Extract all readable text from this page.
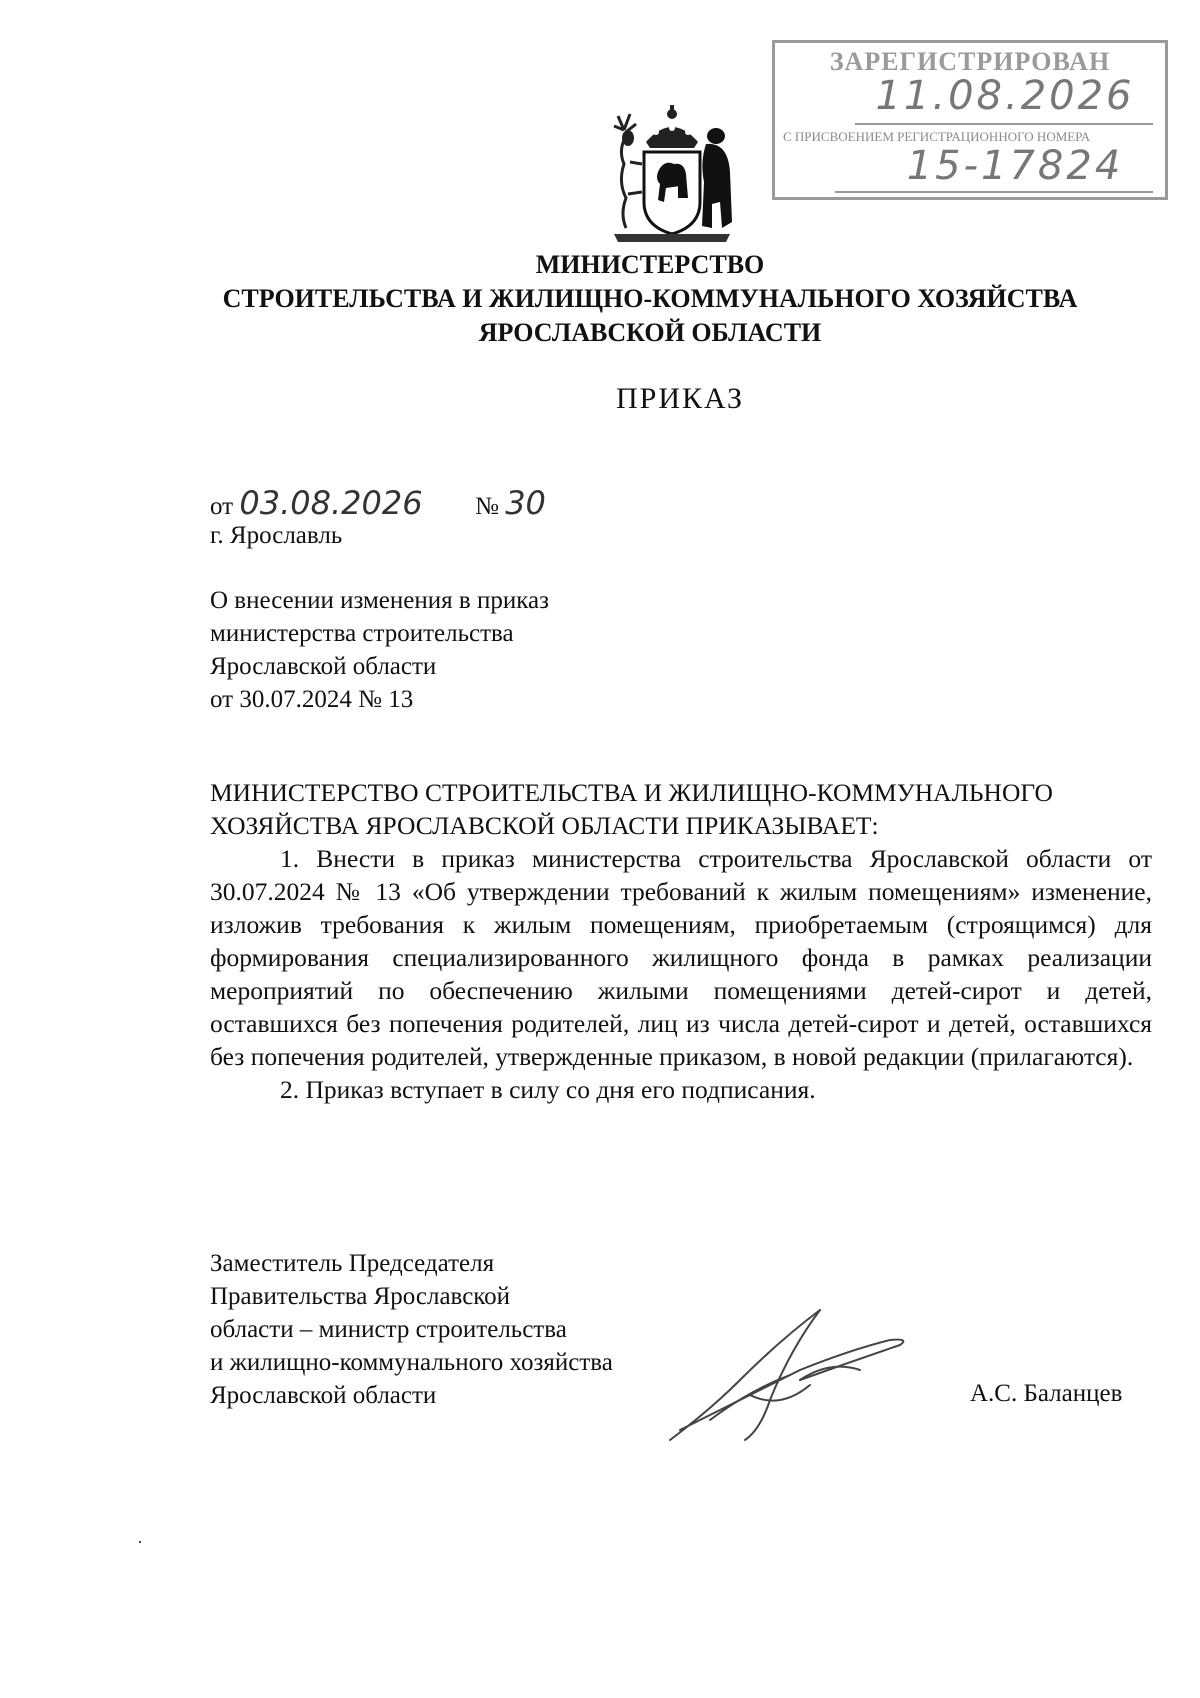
ЗАРЕГИСТРИРОВАН
11.08.2026
С ПРИСВОЕНИЕМ РЕГИСТРАЦИОННОГО НОМЕРА
15-17824
МИНИСТЕРСТВО
СТРОИТЕЛЬСТВА И ЖИЛИЩНО-КОММУНАЛЬНОГО ХОЗЯЙСТВА
ЯРОСЛАВСКОЙ ОБЛАСТИ
ПРИКАЗ
от 03.08.2026 № 30
г. Ярославль
О внесении изменения в приказ
министерства строительства
Ярославской области
от 30.07.2024 № 13

МИНИСТЕРСТВО СТРОИТЕЛЬСТВА И ЖИЛИЩНО-КОММУНАЛЬНОГО

ХОЗЯЙСТВА ЯРОСЛАВСКОЙ ОБЛАСТИ ПРИКАЗЫВАЕТ:

1. Внести в приказ министерства строительства Ярославской области от 30.07.2024 № 13 «Об утверждении требований к жилым помещениям» изменение, изложив требования к жилым помещениям, приобретаемым (строящимся) для формирования специализированного жилищного фонда в рамках реализации мероприятий по обеспечению жилыми помещениями детей-сирот и детей, оставшихся без попечения родителей, лиц из числа детей-сирот и детей, оставшихся без попечения родителей, утвержденные приказом, в новой редакции (прилагаются).

2. Приказ вступает в силу со дня его подписания.

Заместитель Председателя
Правительства Ярославской
области – министр строительства
и жилищно-коммунального хозяйства
Ярославской области	А.С. Баланцев
